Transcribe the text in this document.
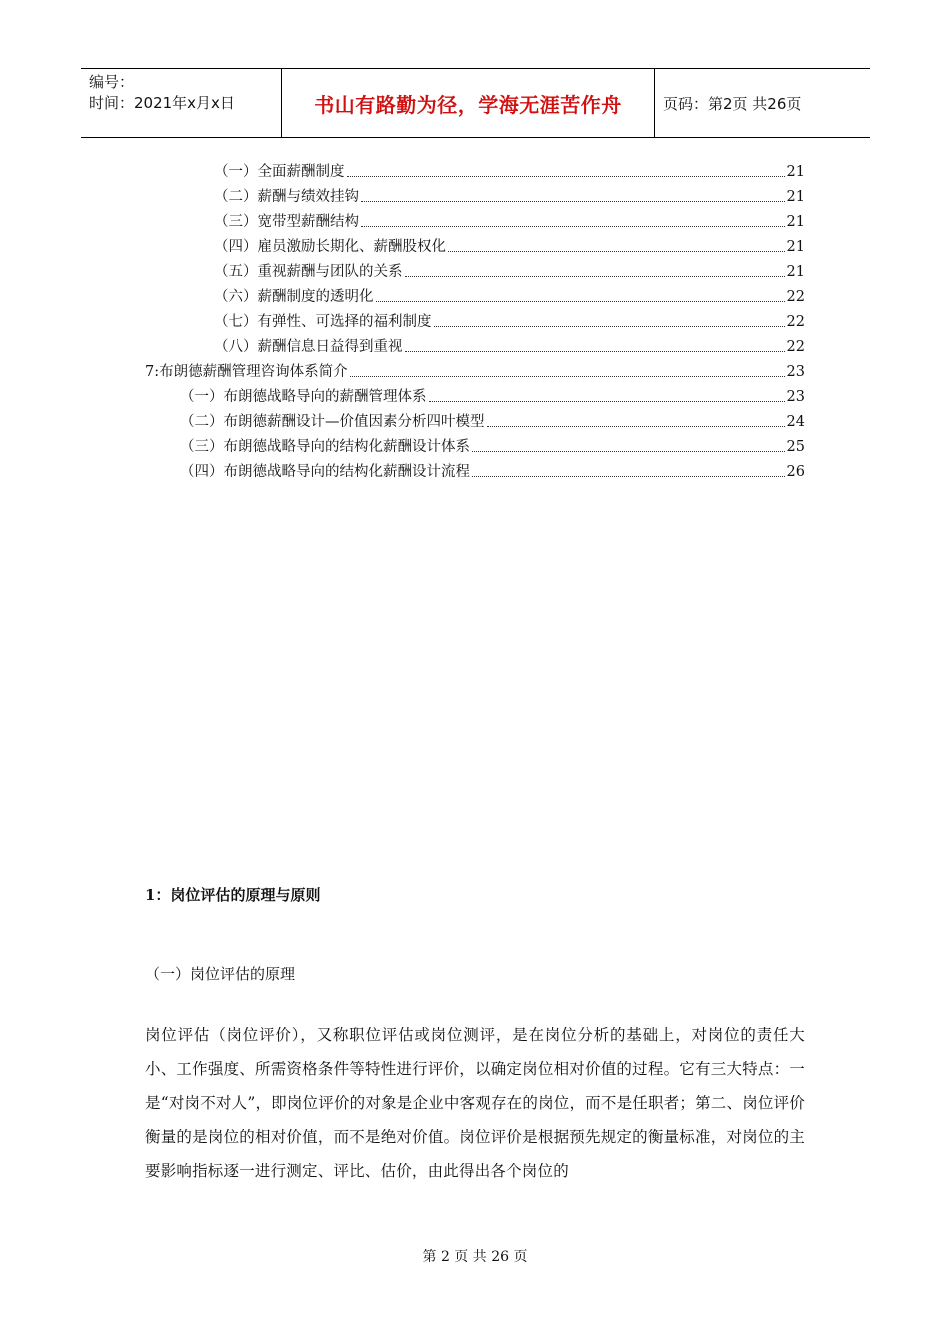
编号：
时间：2021年x月x日	书山有路勤为径，学海无涯苦作舟	页码：第2页 共26页
（一）全面薪酬制度	21
（二）薪酬与绩效挂钩	21
（三）宽带型薪酬结构	21
（四）雇员激励长期化、薪酬股权化	21
（五）重视薪酬与团队的关系	21
（六）薪酬制度的透明化	22
（七）有弹性、可选择的福利制度	22
（八）薪酬信息日益得到重视	22
7:布朗德薪酬管理咨询体系简介	23
（一）布朗德战略导向的薪酬管理体系	23
（二）布朗德薪酬设计—价值因素分析四叶模型	24
（三）布朗德战略导向的结构化薪酬设计体系	25
（四）布朗德战略导向的结构化薪酬设计流程	26
1：岗位评估的原理与原则
（一）岗位评估的原理
岗位评估（岗位评价），又称职位评估或岗位测评，是在岗位分析的基础上，对岗位的责任大小、工作强度、所需资格条件等特性进行评价，以确定岗位相对价值的过程。它有三大特点：一是“对岗不对人”，即岗位评价的对象是企业中客观存在的岗位，而不是任职者；第二、岗位评价衡量的是岗位的相对价值，而不是绝对价值。岗位评价是根据预先规定的衡量标准，对岗位的主要影响指标逐一进行测定、评比、估价，由此得出各个岗位的
第 2 页 共 26 页
